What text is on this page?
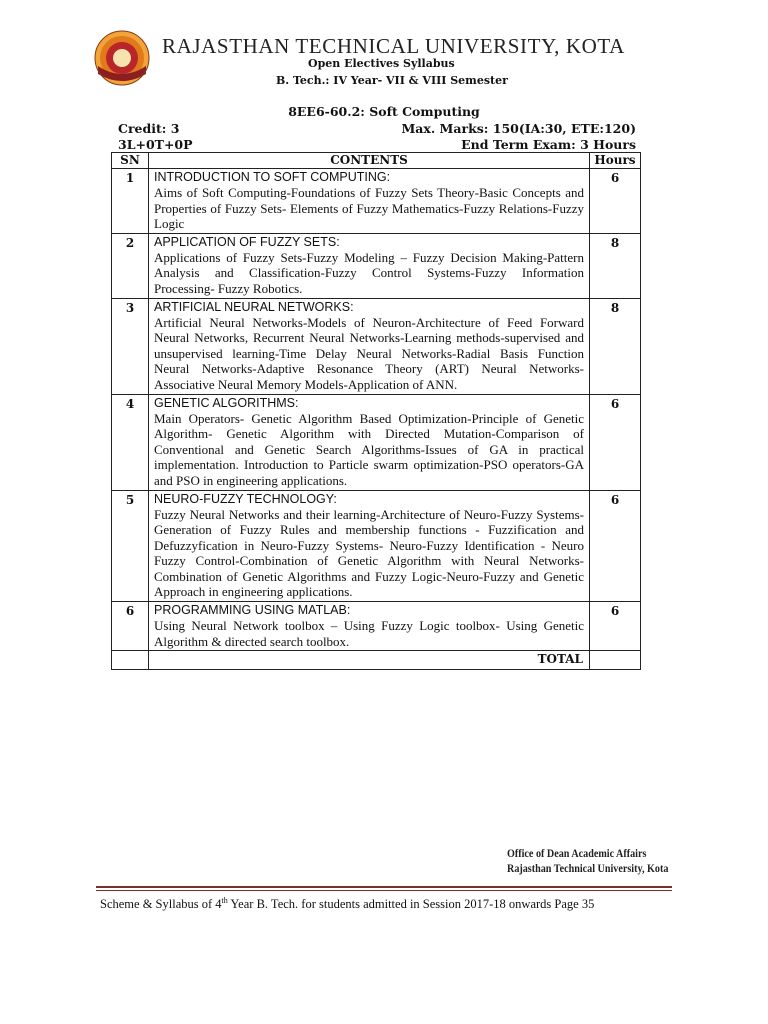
RAJASTHAN TECHNICAL UNIVERSITY, KOTA
Open Electives Syllabus
B. Tech.: IV Year- VII & VIII Semester
8EE6-60.2: Soft Computing
Credit: 3	Max. Marks: 150(IA:30, ETE:120)
3L+0T+0P	End Term Exam: 3 Hours
SN	CONTENTS	Hours
1	INTRODUCTION TO SOFT COMPUTING:
Aims of Soft Computing-Foundations of Fuzzy Sets Theory-Basic Concepts and Properties of Fuzzy Sets- Elements of Fuzzy Mathematics-Fuzzy Relations-Fuzzy Logic	6
2	APPLICATION OF FUZZY SETS:
Applications of Fuzzy Sets-Fuzzy Modeling – Fuzzy Decision Making-Pattern Analysis and Classification-Fuzzy Control Systems-Fuzzy Information Processing- Fuzzy Robotics.	8
3	ARTIFICIAL NEURAL NETWORKS:
Artificial Neural Networks-Models of Neuron-Architecture of Feed Forward Neural Networks, Recurrent Neural Networks-Learning methods-supervised and unsupervised learning-Time Delay Neural Networks-Radial Basis Function Neural Networks-Adaptive Resonance Theory (ART) Neural Networks- Associative Neural Memory Models-Application of ANN.	8
4	GENETIC ALGORITHMS:
Main Operators- Genetic Algorithm Based Optimization-Principle of Genetic Algorithm- Genetic Algorithm with Directed Mutation-Comparison of Conventional and Genetic Search Algorithms-Issues of GA in practical implementation. Introduction to Particle swarm optimization-PSO operators-GA and PSO in engineering applications.	6
5	NEURO-FUZZY TECHNOLOGY:
Fuzzy Neural Networks and their learning-Architecture of Neuro-Fuzzy Systems- Generation of Fuzzy Rules and membership functions - Fuzzification and Defuzzyfication in Neuro-Fuzzy Systems- Neuro-Fuzzy Identification - Neuro Fuzzy Control-Combination of Genetic Algorithm with Neural Networks-Combination of Genetic Algorithms and Fuzzy Logic-Neuro-Fuzzy and Genetic Approach in engineering applications.	6
6	PROGRAMMING USING MATLAB:
Using Neural Network toolbox – Using Fuzzy Logic toolbox- Using Genetic Algorithm & directed search toolbox.	6
	TOTAL	
Office of Dean Academic Affairs
Rajasthan Technical University, Kota
Scheme & Syllabus of 4th Year B. Tech. for students admitted in Session 2017-18 onwards Page 35
